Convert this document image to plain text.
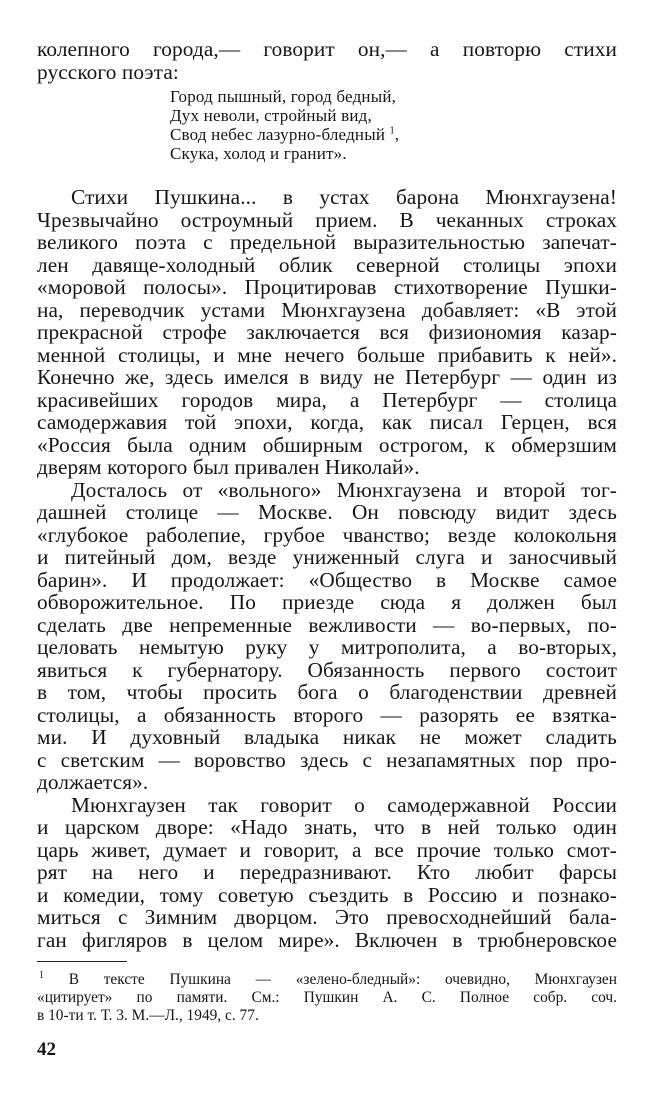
колепного города,— говорит он,— а повторю стихи
русского поэта:
Город пышный, город бедный,
Дух неволи, стройный вид,
Свод небес лазурно-бледный $^1$,
Скука, холод и гранит».
Стихи Пушкина... в устах барона Мюнхгаузена!
Чрезвычайно остроумный прием. В чеканных строках
великого поэта с предельной выразительностью запечат-
лен давяще-холодный облик северной столицы эпохи
«моровой полосы». Процитировав стихотворение Пушки-
на, переводчик устами Мюнхгаузена добавляет: «В этой
прекрасной строфе заключается вся физиономия казар-
менной столицы, и мне нечего больше прибавить к ней».
Конечно же, здесь имелся в виду не Петербург — один из
красивейших городов мира, а Петербург — столица
самодержавия той эпохи, когда, как писал Герцен, вся
«Россия была одним обширным острогом, к обмерзшим
дверям которого был привален Николай».
Досталось от «вольного» Мюнхгаузена и второй тог-
дашней столице — Москве. Он повсюду видит здесь
«глубокое раболепие, грубое чванство; везде колокольня
и питейный дом, везде униженный слуга и заносчивый
барин». И продолжает: «Общество в Москве самое
обворожительное. По приезде сюда я должен был
сделать две непременные вежливости — во-первых, по-
целовать немытую руку у митрополита, а во-вторых,
явиться к губернатору. Обязанность первого состоит
в том, чтобы просить бога о благоденствии древней
столицы, а обязанность второго — разорять ее взятка-
ми. И духовный владыка никак не может сладить
с светским — воровство здесь с незапамятных пор про-
должается».
Мюнхгаузен так говорит о самодержавной России
и царском дворе: «Надо знать, что в ней только один
царь живет, думает и говорит, а все прочие только смот-
рят на него и передразнивают. Кто любит фарсы
и комедии, тому советую съездить в Россию и познако-
миться с Зимним дворцом. Это превосходнейший бала-
ган фигляров в целом мире». Включен в трюбнеровское
$^1$ В тексте Пушкина — «зелено-бледный»: очевидно, Мюнхгаузен
«цитирует» по памяти. См.: Пушкин А. С. Полное собр. соч.
в 10-ти т. Т. 3. М.—Л., 1949, с. 77.
42
